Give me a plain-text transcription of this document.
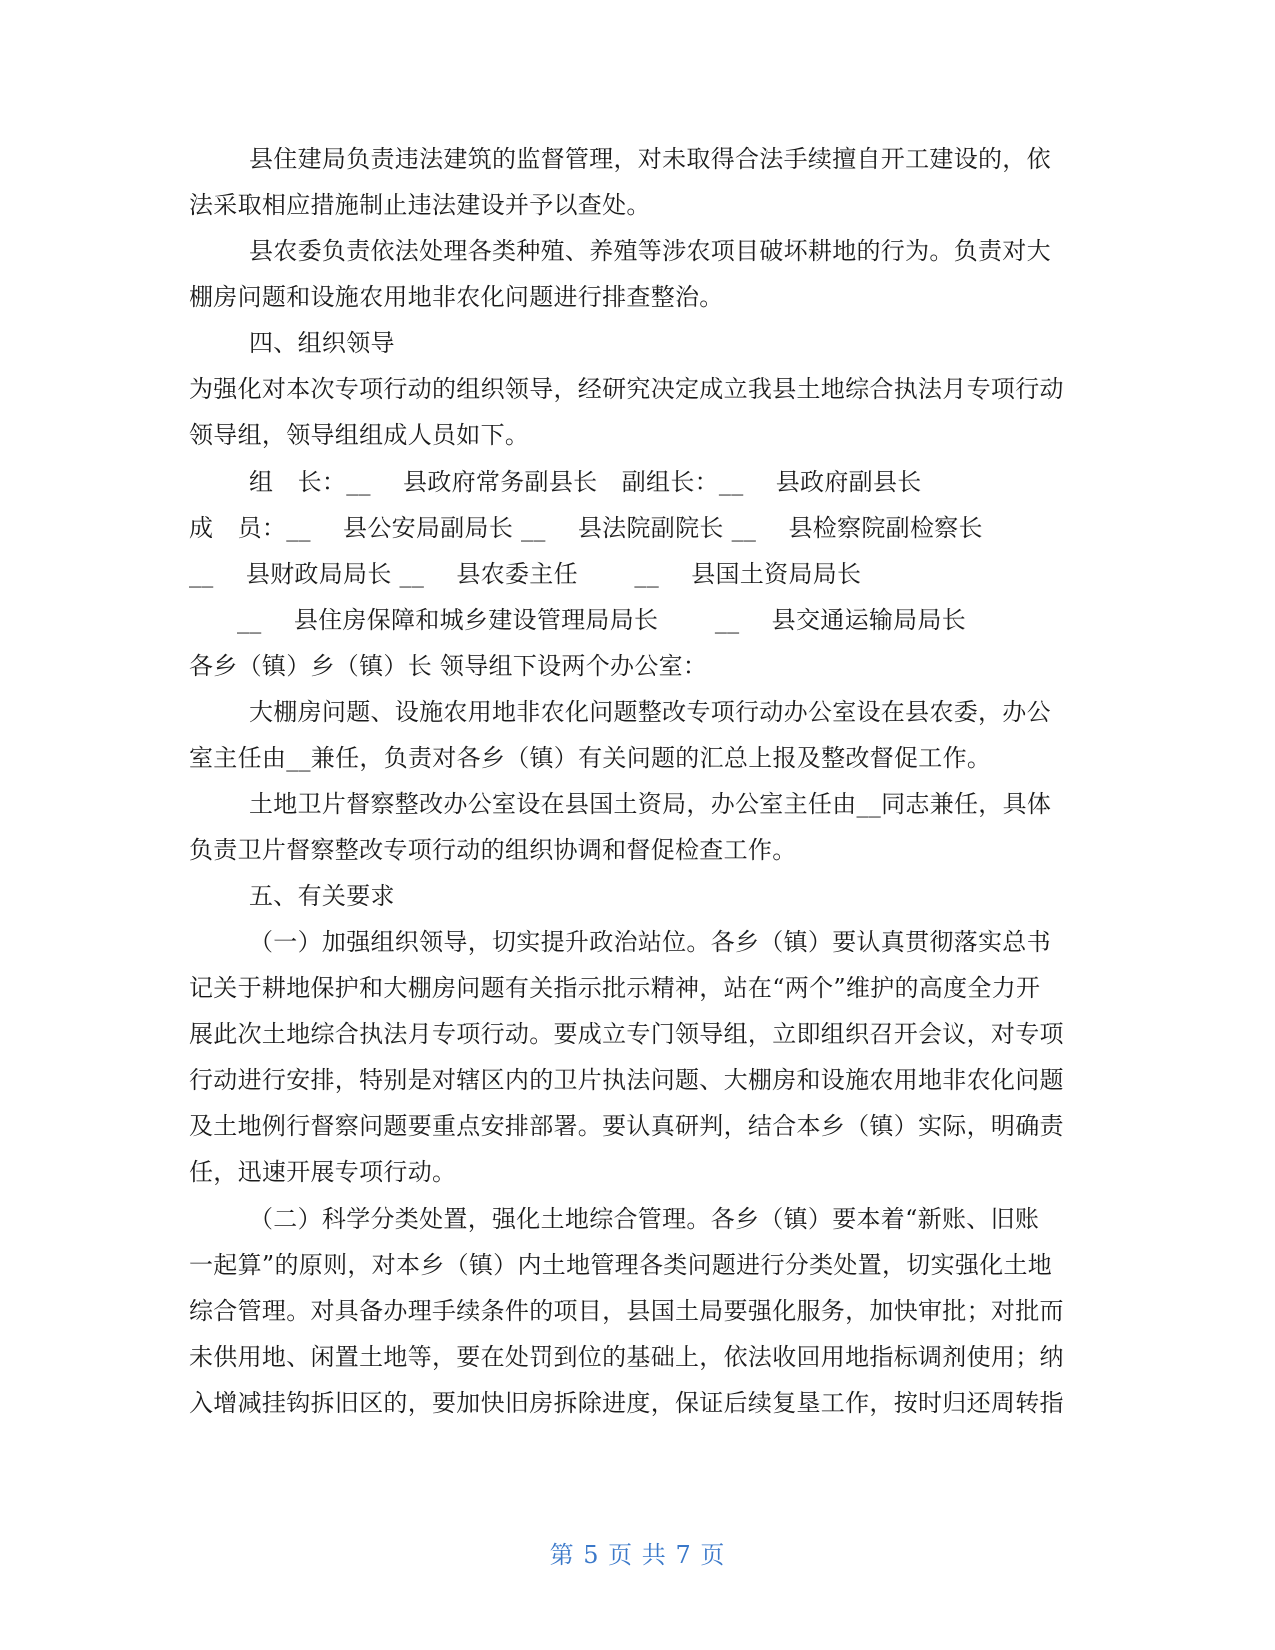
县住建局负责违法建筑的监督管理，对未取得合法手续擅自开工建设的，依
法采取相应措施制止违法建设并予以查处。
县农委负责依法处理各类种殖、养殖等涉农项目破坏耕地的行为。负责对大
棚房问题和设施农用地非农化问题进行排查整治。
四、组织领导
为强化对本次专项行动的组织领导，经研究决定成立我县土地综合执法月专项行动
领导组，领导组组成人员如下。
组　长：__　 县政府常务副县长　副组长：__　 县政府副县长
成　员：__　 县公安局副局长 __　 县法院副院长 __　 县检察院副检察长
__　 县财政局局长 __　 县农委主任　　 __　 县国土资局局长
__　 县住房保障和城乡建设管理局局长　　 __　 县交通运输局局长
各乡（镇）乡（镇）长 领导组下设两个办公室：
大棚房问题、设施农用地非农化问题整改专项行动办公室设在县农委，办公
室主任由__兼任，负责对各乡（镇）有关问题的汇总上报及整改督促工作。
土地卫片督察整改办公室设在县国土资局，办公室主任由__同志兼任，具体
负责卫片督察整改专项行动的组织协调和督促检查工作。
五、有关要求
（一）加强组织领导，切实提升政治站位。各乡（镇）要认真贯彻落实总书
记关于耕地保护和大棚房问题有关指示批示精神，站在“两个”维护的高度全力开
展此次土地综合执法月专项行动。要成立专门领导组，立即组织召开会议，对专项
行动进行安排，特别是对辖区内的卫片执法问题、大棚房和设施农用地非农化问题
及土地例行督察问题要重点安排部署。要认真研判，结合本乡（镇）实际，明确责
任，迅速开展专项行动。
（二）科学分类处置，强化土地综合管理。各乡（镇）要本着“新账、旧账
一起算”的原则，对本乡（镇）内土地管理各类问题进行分类处置，切实强化土地
综合管理。对具备办理手续条件的项目，县国土局要强化服务，加快审批；对批而
未供用地、闲置土地等，要在处罚到位的基础上，依法收回用地指标调剂使用；纳
入增减挂钩拆旧区的，要加快旧房拆除进度，保证后续复垦工作，按时归还周转指
第 5 页 共 7 页
